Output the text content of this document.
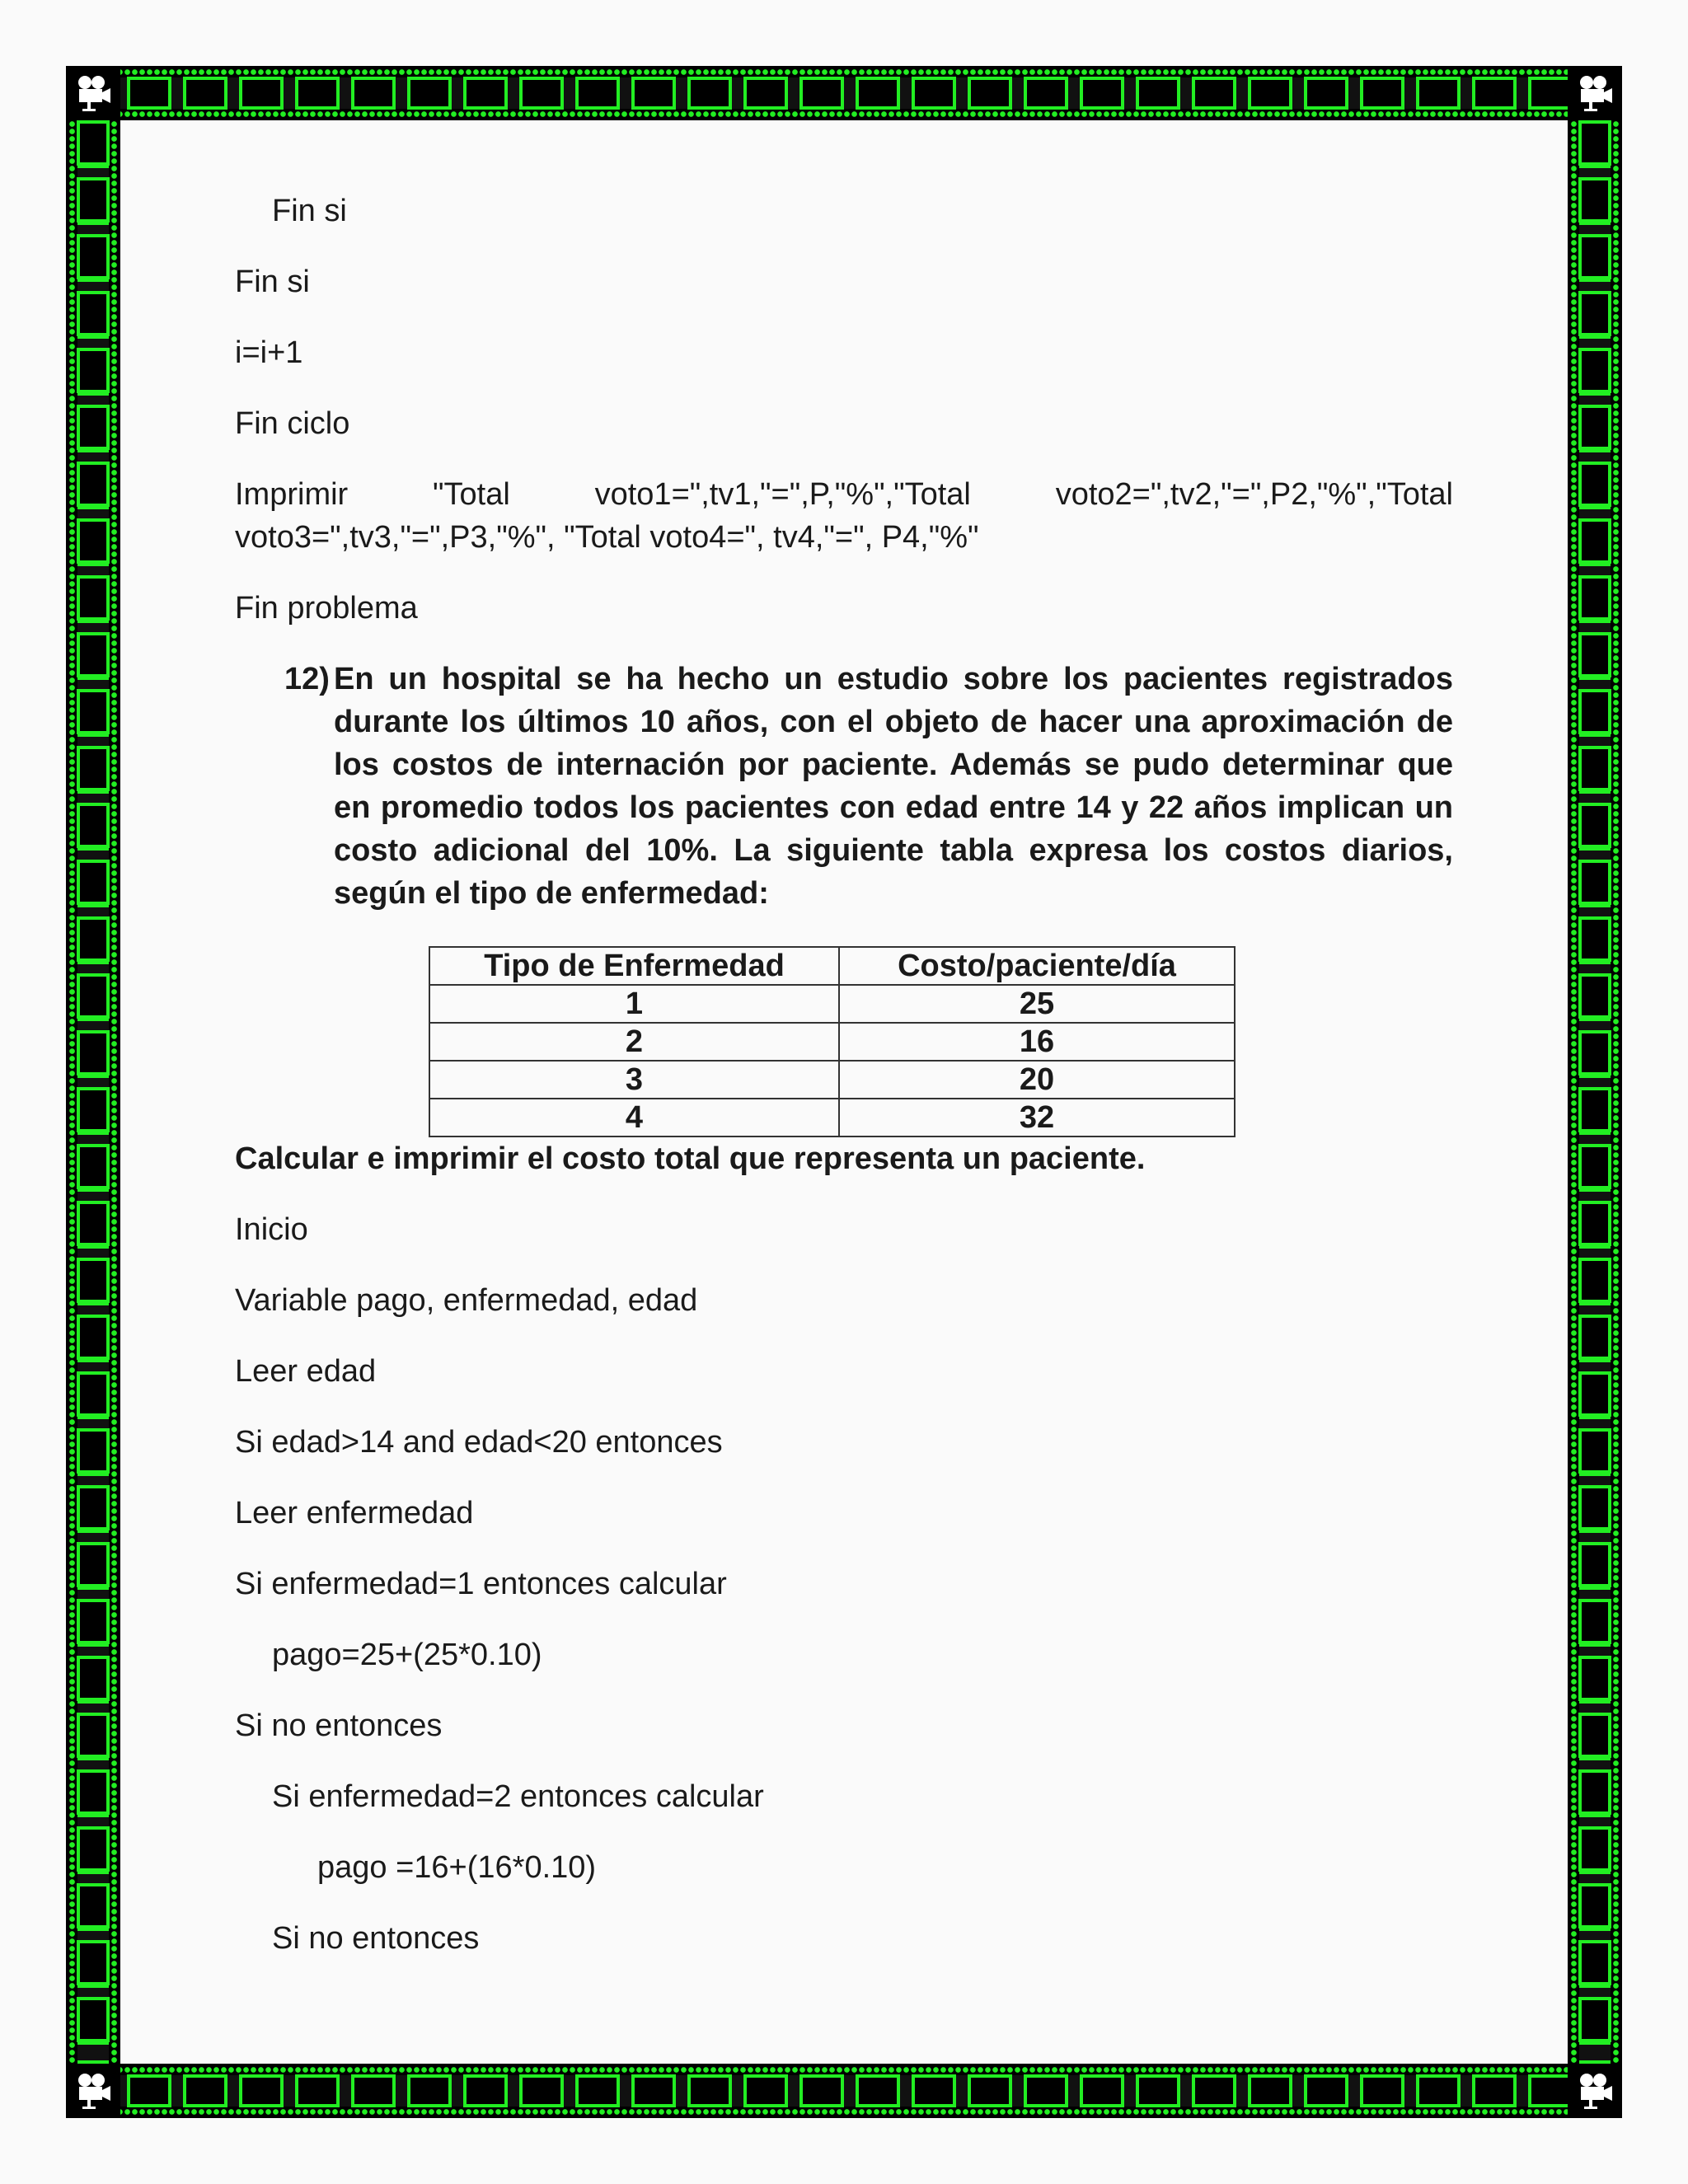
Fin si

Fin si

i=i+1

Fin ciclo

Imprimir "Total voto1=",tv1,"=",P,"%","Total voto2=",tv2,"=",P2,"%","Total voto3=",tv3,"=",P3,"%", "Total voto4=", tv4,"=", P4,"%"

Fin problema

12) En un hospital se ha hecho un estudio sobre los pacientes registrados durante los últimos 10 años, con el objeto de hacer una aproximación de los costos de internación por paciente. Además se pudo determinar que en promedio todos los pacientes con edad entre 14 y 22 años implican un costo adicional del 10%. La siguiente tabla expresa los costos diarios, según el tipo de enfermedad:
Tipo de Enfermedad	Costo/paciente/día
1	25
2	16
3	20
4	32

Calcular e imprimir el costo total que representa un paciente.

Inicio

Variable pago, enfermedad, edad

Leer edad

Si edad>14 and edad<20 entonces

Leer enfermedad

Si enfermedad=1 entonces calcular

pago=25+(25*0.10)

Si no entonces

Si enfermedad=2 entonces calcular

pago =16+(16*0.10)

Si no entonces
